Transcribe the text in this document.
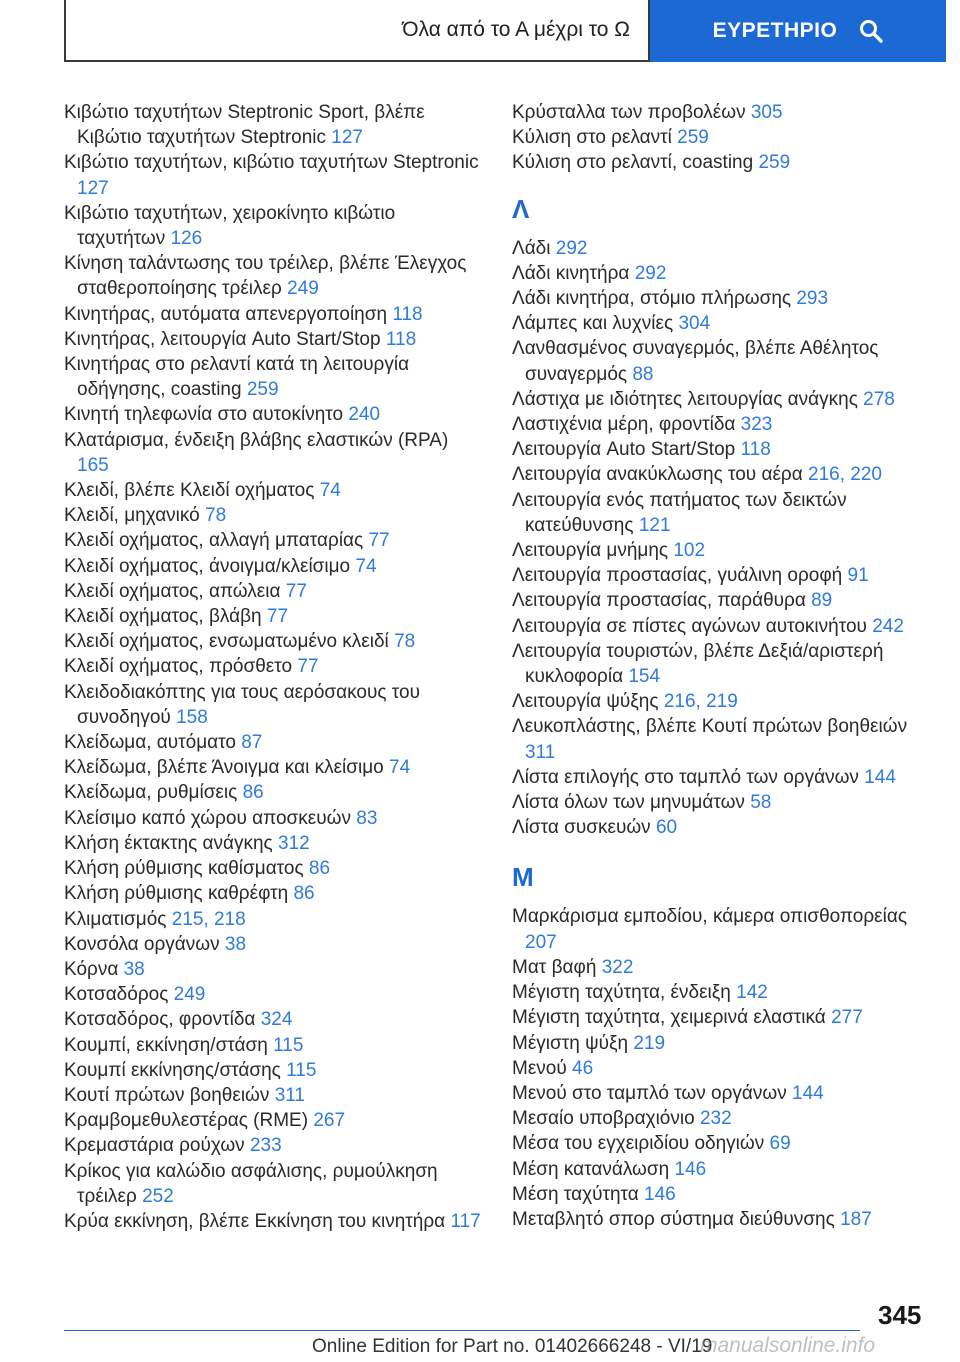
Όλα από το Α μέχρι το Ω	ΕΥΡΕΤΗΡΙΟ
Κιβώτιο ταχυτήτων Steptronic Sport, βλέπε Κιβώτιο ταχυτήτων Steptronic 127
Κιβώτιο ταχυτήτων, κιβώτιο ταχυτήτων Steptronic 127
Κιβώτιο ταχυτήτων, χειροκίνητο κιβώτιο ταχυτήτων 126
Κίνηση ταλάντωσης του τρέιλερ, βλέπε Έλεγχος σταθεροποίησης τρέιλερ 249
Κινητήρας, αυτόματα απενεργοποίηση 118
Κινητήρας, λειτουργία Auto Start/Stop 118
Κινητήρας στο ρελαντί κατά τη λειτουργία οδήγησης, coasting 259
Κινητή τηλεφωνία στο αυτοκίνητο 240
Κλατάρισμα, ένδειξη βλάβης ελαστικών (RPA) 165
Κλειδί, βλέπε Κλειδί οχήματος 74
Κλειδί, μηχανικό 78
Κλειδί οχήματος, αλλαγή μπαταρίας 77
Κλειδί οχήματος, άνοιγμα/κλείσιμο 74
Κλειδί οχήματος, απώλεια 77
Κλειδί οχήματος, βλάβη 77
Κλειδί οχήματος, ενσωματωμένο κλειδί 78
Κλειδί οχήματος, πρόσθετο 77
Κλειδοδιακόπτης για τους αερόσακους του συνοδηγού 158
Κλείδωμα, αυτόματο 87
Κλείδωμα, βλέπε Άνοιγμα και κλείσιμο 74
Κλείδωμα, ρυθμίσεις 86
Κλείσιμο καπό χώρου αποσκευών 83
Κλήση έκτακτης ανάγκης 312
Κλήση ρύθμισης καθίσματος 86
Κλήση ρύθμισης καθρέφτη 86
Κλιματισμός 215, 218
Κονσόλα οργάνων 38
Κόρνα 38
Κοτσαδόρος 249
Κοτσαδόρος, φροντίδα 324
Κουμπί, εκκίνηση/στάση 115
Κουμπί εκκίνησης/στάσης 115
Κουτί πρώτων βοηθειών 311
Κραμβομεθυλεστέρας (RME) 267
Κρεμαστάρια ρούχων 233
Κρίκος για καλώδιο ασφάλισης, ρυμούλκηση τρέιλερ 252
Κρύα εκκίνηση, βλέπε Εκκίνηση του κινητήρα 117
Κρύσταλλα των προβολέων 305
Κύλιση στο ρελαντί 259
Κύλιση στο ρελαντί, coasting 259
Λ
Λάδι 292
Λάδι κινητήρα 292
Λάδι κινητήρα, στόμιο πλήρωσης 293
Λάμπες και λυχνίες 304
Λανθασμένος συναγερμός, βλέπε Αθέλητος συναγερμός 88
Λάστιχα με ιδιότητες λειτουργίας ανάγκης 278
Λαστιχένια μέρη, φροντίδα 323
Λειτουργία Auto Start/Stop 118
Λειτουργία ανακύκλωσης του αέρα 216, 220
Λειτουργία ενός πατήματος των δεικτών κατεύθυνσης 121
Λειτουργία μνήμης 102
Λειτουργία προστασίας, γυάλινη οροφή 91
Λειτουργία προστασίας, παράθυρα 89
Λειτουργία σε πίστες αγώνων αυτοκινήτου 242
Λειτουργία τουριστών, βλέπε Δεξιά/αριστερή κυκλοφορία 154
Λειτουργία ψύξης 216, 219
Λευκοπλάστης, βλέπε Κουτί πρώτων βοηθειών 311
Λίστα επιλογής στο ταμπλό των οργάνων 144
Λίστα όλων των μηνυμάτων 58
Λίστα συσκευών 60
Μ
Μαρκάρισμα εμποδίου, κάμερα οπισθοπορείας 207
Ματ βαφή 322
Μέγιστη ταχύτητα, ένδειξη 142
Μέγιστη ταχύτητα, χειμερινά ελαστικά 277
Μέγιστη ψύξη 219
Μενού 46
Μενού στο ταμπλό των οργάνων 144
Μεσαίο υποβραχιόνιο 232
Μέσα του εγχειριδίου οδηγιών 69
Μέση κατανάλωση 146
Μέση ταχύτητα 146
Μεταβλητό σπορ σύστημα διεύθυνσης 187
345
Online Edition for Part no. 01402666248 - VI/19
manualsonline.info
